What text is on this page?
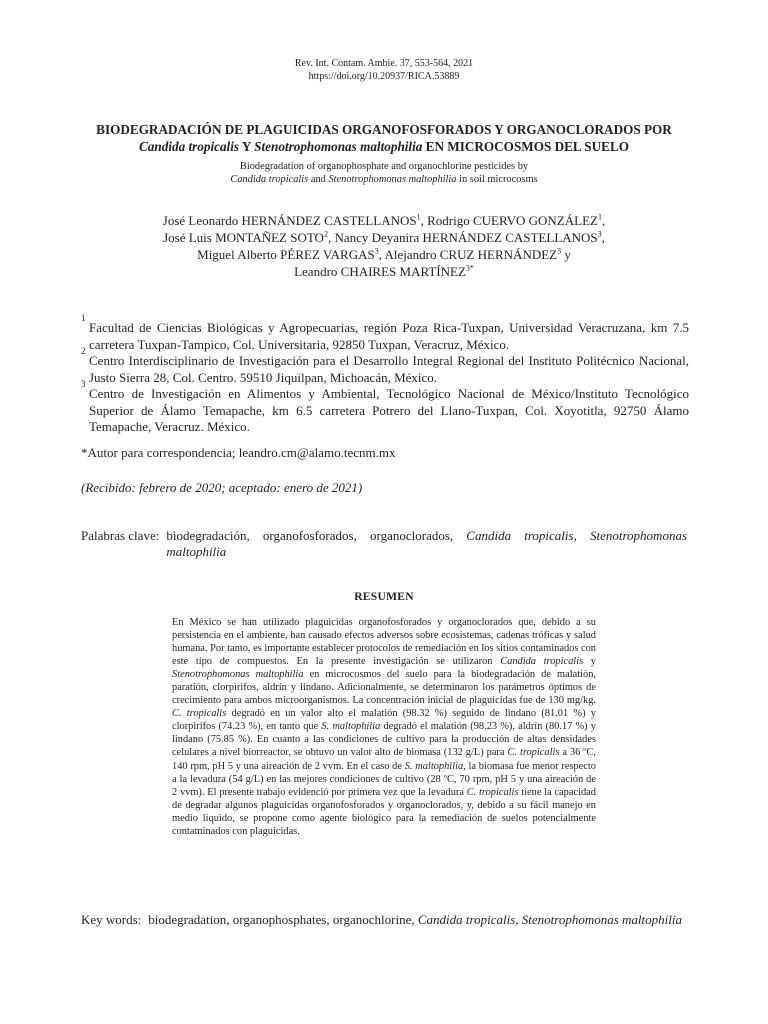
Rev. Int. Contam. Ambie. 37, 553-564, 2021
https://doi.org/10.20937/RICA.53889
BIODEGRADACIÓN DE PLAGUICIDAS ORGANOFOSFORADOS Y ORGANOCLORADOS POR
Candida tropicalis Y Stenotrophomonas maltophilia EN MICROCOSMOS DEL SUELO
Biodegradation of organophosphate and organochlorine pesticides by
Candida tropicalis and Stenotrophomonas maltophilia in soil microcosms
José Leonardo HERNÁNDEZ CASTELLANOS$^1$, Rodrigo CUERVO GONZÁLEZ$^1$,
José Luis MONTAÑEZ SOTO$^2$, Nancy Deyanira HERNÁNDEZ CASTELLANOS$^3$,
Miguel Alberto PÉREZ VARGAS$^3$, Alejandro CRUZ HERNÁNDEZ$^3$ y
Leandro CHAIRES $MARTÍNEZ^{3*}$
1
Facultad de Ciencias Biológicas y Agropecuarias, región Poza Rica-Tuxpan, Universidad Veracruzana, km 7.5 carretera Tuxpan-Tampico, Col. Universitaria, 92850 Tuxpan, Veracruz, México.
2
Centro Interdisciplinario de Investigación para el Desarrollo Integral Regional del Instituto Politécnico Nacional, Justo Sierra 28, Col. Centro. 59510 Jiquilpan, Michoacán, México.
3
Centro de Investigación en Alimentos y Ambiental, Tecnológico Nacional de México/Instituto Tecnológico Superior de Álamo Temapache, km 6.5 carretera Potrero del Llano-Tuxpan, Col. Xoyotitla, 92750 Álamo Temapache, Veracruz. México.
*Autor para correspondencia; leandro.cm@alamo.tecnm.mx
(Recibido: febrero de 2020; aceptado: enero de 2021)
Palabras clave: biodegradación, organofosforados, organoclorados, Candida tropicalis, Stenotrophomonas maltophilia
RESUMEN
En México se han utilizado plaguicidas organofosforados y organoclorados que, debido a su persistencia en el ambiente, han causado efectos adversos sobre ecosistemas, cadenas tróficas y salud humana. Por tanto, es importante establecer protocolos de remediación en los sitios contaminados con este tipo de compuestos. En la presente investigación se utilizaron Candida tropicalis y Stenotrophomonas maltophilia en microcosmos del suelo para la biodegradación de malatión, paratión, clorpirifos, aldrín y lindano. Adicionalmente, se determinaron los parámetros óptimos de crecimiento para ambos microorganismos. La concentración inicial de plaguicidas fue de 130 mg/kg. C. tropicalis degradó en un valor alto el malatión (98.32 %) seguido de lindano (81.01 %) y clorpirifos (74.23 %), en tanto que S. maltophilia degradó el malatión (98.23 %), aldrín (80.17 %) y lindano (75.85 %). En cuanto a las condiciones de cultivo para la producción de altas densidades celulares a nivel biorreactor, se obtuvo un valor alto de biomasa (132 g/L) para C. tropicalis a 36 ºC, 140 rpm, pH 5 y una aireación de 2 vvm. En el caso de S. maltophilia, la biomasa fue menor respecto a la levadura (54 g/L) en las mejores condiciones de cultivo (28 ºC, 70 rpm, pH 5 y una aireación de 2 vvm). El presente trabajo evidenció por primera vez que la levadura C. tropicalis tiene la capacidad de degradar algunos plaguicidas organofosforados y organoclorados, y, debido a su fácil manejo en medio líquido, se propone como agente biológico para la remediación de suelos potencialmente contaminados con plaguicidas.
Key words: biodegradation, organophosphates, organochlorine, Candida tropicalis, Stenotrophomonas maltophilia
